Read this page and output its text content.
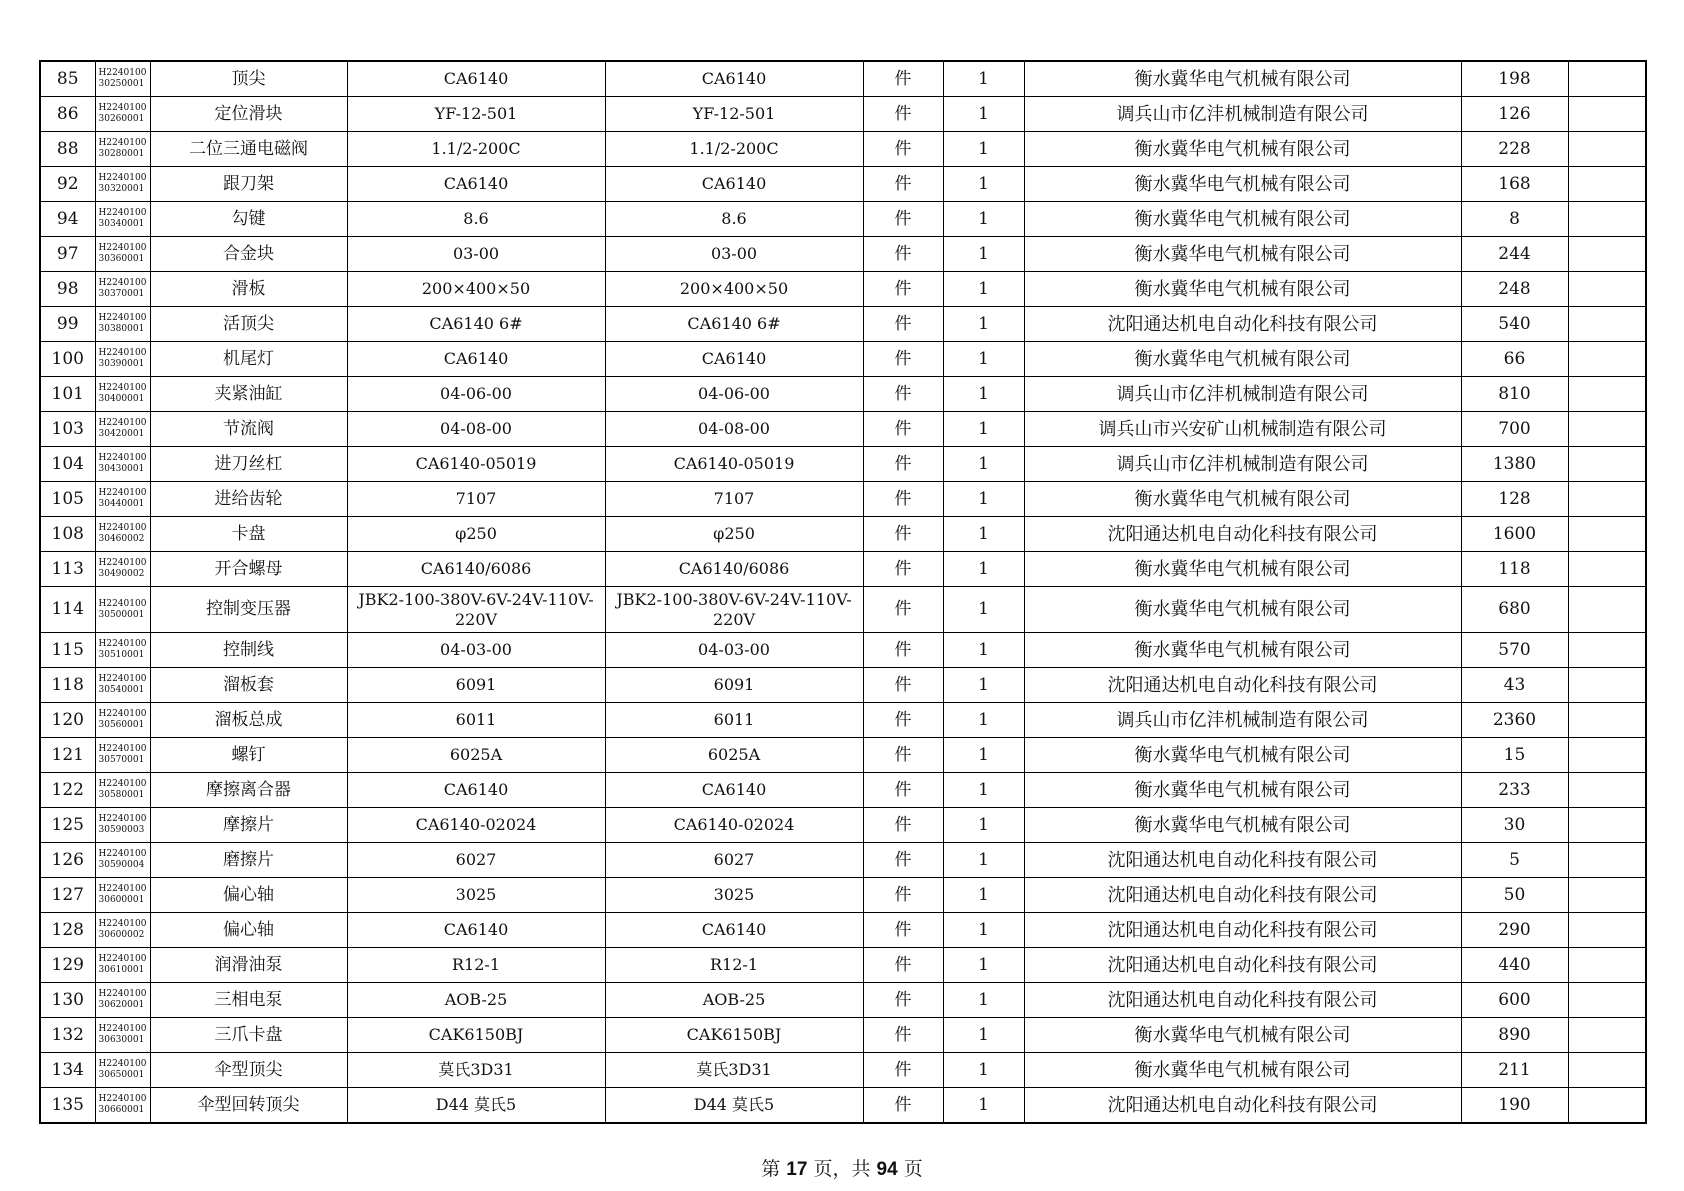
85	H2240100 30250001	顶尖	CA6140	CA6140	件	1	衡水冀华电气机械有限公司	198	
86	H2240100 30260001	定位滑块	YF-12-501	YF-12-501	件	1	调兵山市亿沣机械制造有限公司	126	
88	H2240100 30280001	二位三通电磁阀	1.1/2-200C	1.1/2-200C	件	1	衡水冀华电气机械有限公司	228	
92	H2240100 30320001	跟刀架	CA6140	CA6140	件	1	衡水冀华电气机械有限公司	168	
94	H2240100 30340001	勾键	8.6	8.6	件	1	衡水冀华电气机械有限公司	8	
97	H2240100 30360001	合金块	03-00	03-00	件	1	衡水冀华电气机械有限公司	244	
98	H2240100 30370001	滑板	200×400×50	200×400×50	件	1	衡水冀华电气机械有限公司	248	
99	H2240100 30380001	活顶尖	CA6140 6#	CA6140 6#	件	1	沈阳通达机电自动化科技有限公司	540	
100	H2240100 30390001	机尾灯	CA6140	CA6140	件	1	衡水冀华电气机械有限公司	66	
101	H2240100 30400001	夹紧油缸	04-06-00	04-06-00	件	1	调兵山市亿沣机械制造有限公司	810	
103	H2240100 30420001	节流阀	04-08-00	04-08-00	件	1	调兵山市兴安矿山机械制造有限公司	700	
104	H2240100 30430001	进刀丝杠	CA6140-05019	CA6140-05019	件	1	调兵山市亿沣机械制造有限公司	1380	
105	H2240100 30440001	进给齿轮	7107	7107	件	1	衡水冀华电气机械有限公司	128	
108	H2240100 30460002	卡盘	φ250	φ250	件	1	沈阳通达机电自动化科技有限公司	1600	
113	H2240100 30490002	开合螺母	CA6140/6086	CA6140/6086	件	1	衡水冀华电气机械有限公司	118	
114	H2240100 30500001	控制变压器	JBK2-100-380V-6V-24V-110V-220V	JBK2-100-380V-6V-24V-110V-220V	件	1	衡水冀华电气机械有限公司	680	
115	H2240100 30510001	控制线	04-03-00	04-03-00	件	1	衡水冀华电气机械有限公司	570	
118	H2240100 30540001	溜板套	6091	6091	件	1	沈阳通达机电自动化科技有限公司	43	
120	H2240100 30560001	溜板总成	6011	6011	件	1	调兵山市亿沣机械制造有限公司	2360	
121	H2240100 30570001	螺钉	6025A	6025A	件	1	衡水冀华电气机械有限公司	15	
122	H2240100 30580001	摩擦离合器	CA6140	CA6140	件	1	衡水冀华电气机械有限公司	233	
125	H2240100 30590003	摩擦片	CA6140-02024	CA6140-02024	件	1	衡水冀华电气机械有限公司	30	
126	H2240100 30590004	磨擦片	6027	6027	件	1	沈阳通达机电自动化科技有限公司	5	
127	H2240100 30600001	偏心轴	3025	3025	件	1	沈阳通达机电自动化科技有限公司	50	
128	H2240100 30600002	偏心轴	CA6140	CA6140	件	1	沈阳通达机电自动化科技有限公司	290	
129	H2240100 30610001	润滑油泵	R12-1	R12-1	件	1	沈阳通达机电自动化科技有限公司	440	
130	H2240100 30620001	三相电泵	AOB-25	AOB-25	件	1	沈阳通达机电自动化科技有限公司	600	
132	H2240100 30630001	三爪卡盘	CAK6150BJ	CAK6150BJ	件	1	衡水冀华电气机械有限公司	890	
134	H2240100 30650001	伞型顶尖	莫氏3D31	莫氏3D31	件	1	衡水冀华电气机械有限公司	211	
135	H2240100 30660001	伞型回转顶尖	D44 莫氏5	D44 莫氏5	件	1	沈阳通达机电自动化科技有限公司	190	
第 17 页，共 94 页
